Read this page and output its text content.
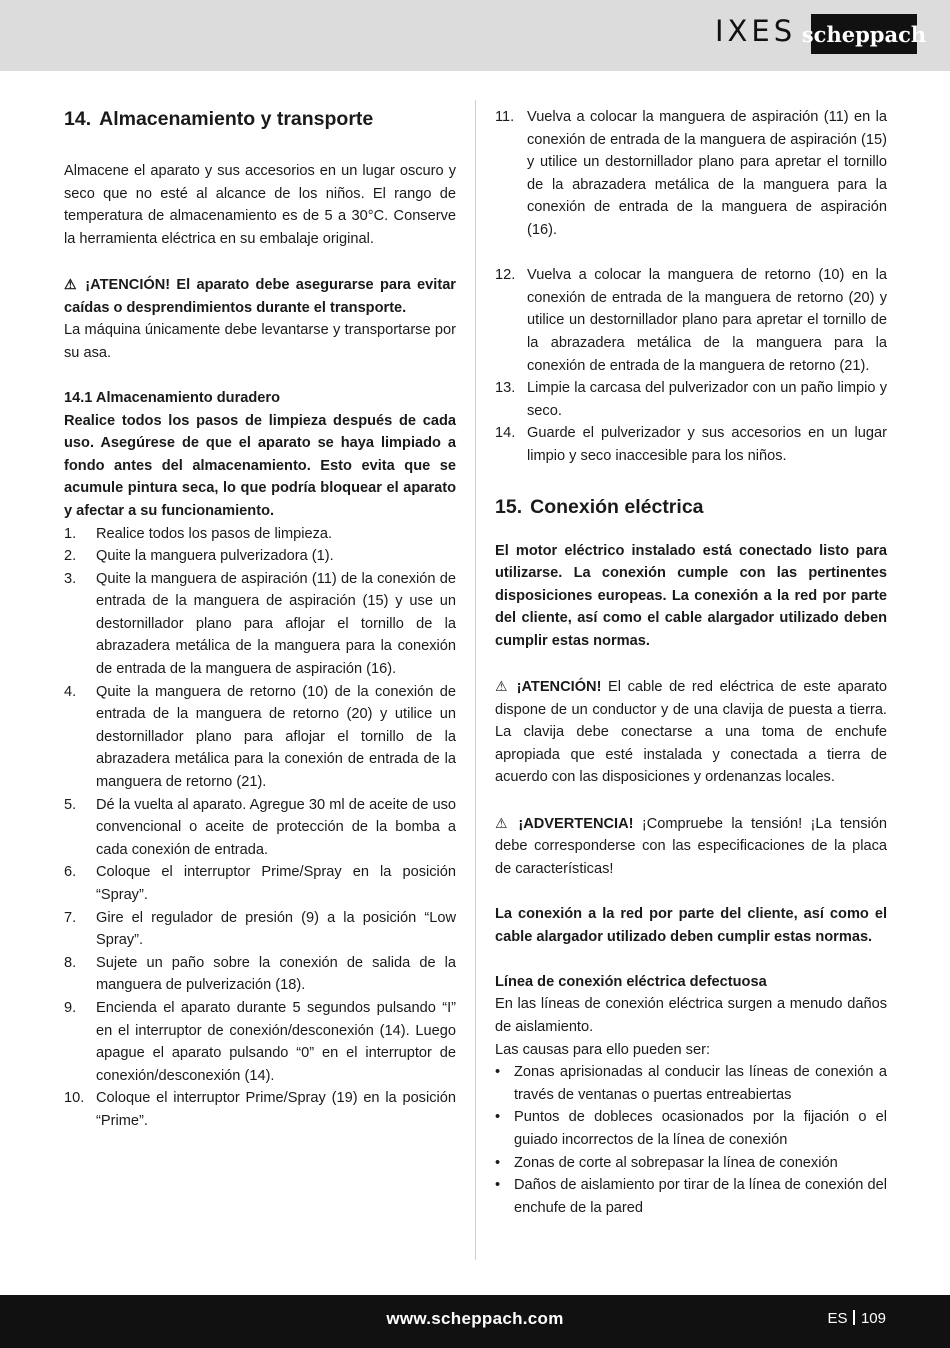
IXES scheppach
14. Almacenamiento y transporte

Almacene el aparato y sus accesorios en un lugar oscuro y seco que no esté al alcance de los niños. El rango de temperatura de almacenamiento es de 5 a 30°C. Conserve la herramienta eléctrica en su embalaje original.

⚠ ¡ATENCIÓN! El aparato debe asegurarse para evitar caídas o desprendimientos durante el transporte.

La máquina únicamente debe levantarse y transportarse por su asa.

14.1 Almacenamiento duradero

Realice todos los pasos de limpieza después de cada uso. Asegúrese de que el aparato se haya limpiado a fondo antes del almacenamiento. Esto evita que se acumule pintura seca, lo que podría bloquear el aparato y afectar a su funcionamiento.

1. Realice todos los pasos de limpieza.
2. Quite la manguera pulverizadora (1).
3. Quite la manguera de aspiración (11) de la conexión de entrada de la manguera de aspiración (15) y use un destornillador plano para aflojar el tornillo de la abrazadera metálica de la manguera para la conexión de entrada de la manguera de aspiración (16).
4. Quite la manguera de retorno (10) de la conexión de entrada de la manguera de retorno (20) y utilice un destornillador plano para aflojar el tornillo de la abrazadera metálica para la conexión de entrada de la manguera de retorno (21).
5. Dé la vuelta al aparato. Agregue 30 ml de aceite de uso convencional o aceite de protección de la bomba a cada conexión de entrada.
6. Coloque el interruptor Prime/Spray en la posición “Spray”.
7. Gire el regulador de presión (9) a la posición “Low Spray”.
8. Sujete un paño sobre la conexión de salida de la manguera de pulverización (18).
9. Encienda el aparato durante 5 segundos pulsando “I” en el interruptor de conexión/desconexión (14). Luego apague el aparato pulsando “0” en el interruptor de conexión/desconexión (14).
10. Coloque el interruptor Prime/Spray (19) en la posición “Prime”.
11. Vuelva a colocar la manguera de aspiración (11) en la conexión de entrada de la manguera de aspiración (15) y utilice un destornillador plano para apretar el tornillo de la abrazadera metálica de la manguera para la conexión de entrada de la manguera de aspiración (16).
12. Vuelva a colocar la manguera de retorno (10) en la conexión de entrada de la manguera de retorno (20) y utilice un destornillador plano para apretar el tornillo de la abrazadera metálica de la manguera para la conexión de entrada de la manguera de retorno (21).
13. Limpie la carcasa del pulverizador con un paño limpio y seco.
14. Guarde el pulverizador y sus accesorios en un lugar limpio y seco inaccesible para los niños.
15. Conexión eléctrica

El motor eléctrico instalado está conectado listo para utilizarse. La conexión cumple con las pertinentes disposiciones europeas. La conexión a la red por parte del cliente, así como el cable alargador utilizado deben cumplir estas normas.

⚠ ¡ATENCIÓN! El cable de red eléctrica de este aparato dispone de un conductor y de una clavija de puesta a tierra. La clavija debe conectarse a una toma de enchufe apropiada que esté instalada y conectada a tierra de acuerdo con las disposiciones y ordenanzas locales.

⚠ ¡ADVERTENCIA! ¡Compruebe la tensión! ¡La tensión debe corresponderse con las especificaciones de la placa de características!

La conexión a la red por parte del cliente, así como el cable alargador utilizado deben cumplir estas normas.

Línea de conexión eléctrica defectuosa

En las líneas de conexión eléctrica surgen a menudo daños de aislamiento.

Las causas para ello pueden ser:

• Zonas aprisionadas al conducir las líneas de conexión a través de ventanas o puertas entreabiertas
• Puntos de dobleces ocasionados por la fijación o el guiado incorrectos de la línea de conexión
• Zonas de corte al sobrepasar la línea de conexión
• Daños de aislamiento por tirar de la línea de conexión del enchufe de la pared
www.scheppach.com	ES 109
